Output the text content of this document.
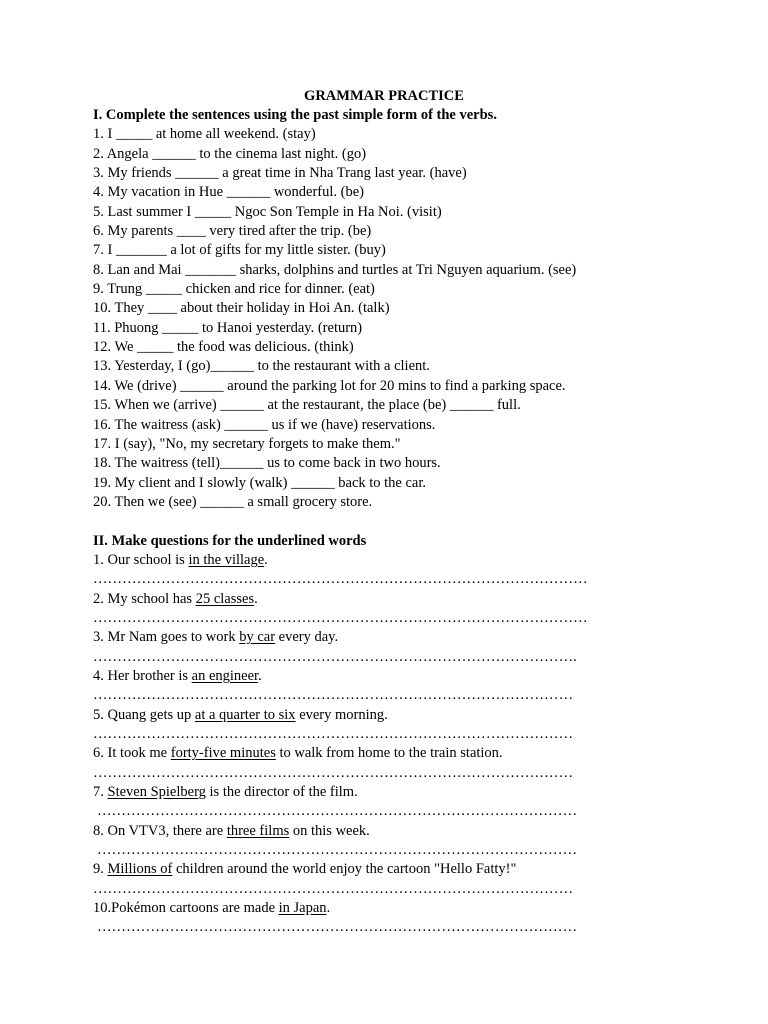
GRAMMAR PRACTICE
I. Complete the sentences using the past simple form of the verbs.
1. I _____ at home all weekend. (stay)
2. Angela ______ to the cinema last night. (go)
3. My friends ______ a great time in Nha Trang last year. (have)
4. My vacation in Hue ______ wonderful. (be)
5. Last summer I _____ Ngoc Son Temple in Ha Noi. (visit)
6. My parents ____ very tired after the trip. (be)
7. I _______ a lot of gifts for my little sister. (buy)
8. Lan and Mai _______ sharks, dolphins and turtles at Tri Nguyen aquarium. (see)
9. Trung _____ chicken and rice for dinner. (eat)
10. They ____ about their holiday in Hoi An. (talk)
11. Phuong _____ to Hanoi yesterday. (return)
12. We _____ the food was delicious. (think)
13. Yesterday, I (go)______ to the restaurant with a client.
14. We (drive) ______ around the parking lot for 20 mins to find a parking space.
15. When we (arrive) ______ at the restaurant, the place (be) ______ full.
16. The waitress (ask) ______ us if we (have) reservations.
17. I (say), "No, my secretary forgets to make them."
18. The waitress (tell)______ us to come back in two hours.
19. My client and I slowly (walk) ______ back to the car.
20. Then we (see) ______ a small grocery store.
II. Make questions for the underlined words
1. Our school is in the village.
…………………………………………………………………………………………
2. My school has 25 classes.
…………………………………………………………………………………………
3. Mr Nam goes to work by car every day.
……………………………………………………………………………………….
4. Her brother is an engineer.
………………………………………………………………………………………
5. Quang gets up at a quarter to six every morning.
………………………………………………………………………………………
6. It took me forty-five minutes to walk from home to the train station.
………………………………………………………………………………………
7. Steven Spielberg is the director of the film.
………………………………………………………………………………………
8. On VTV3, there are three films on this week.
………………………………………………………………………………………
9. Millions of children around the world enjoy the cartoon "Hello Fatty!"
………………………………………………………………………………………
10.Pokémon cartoons are made in Japan.
………………………………………………………………………………………
